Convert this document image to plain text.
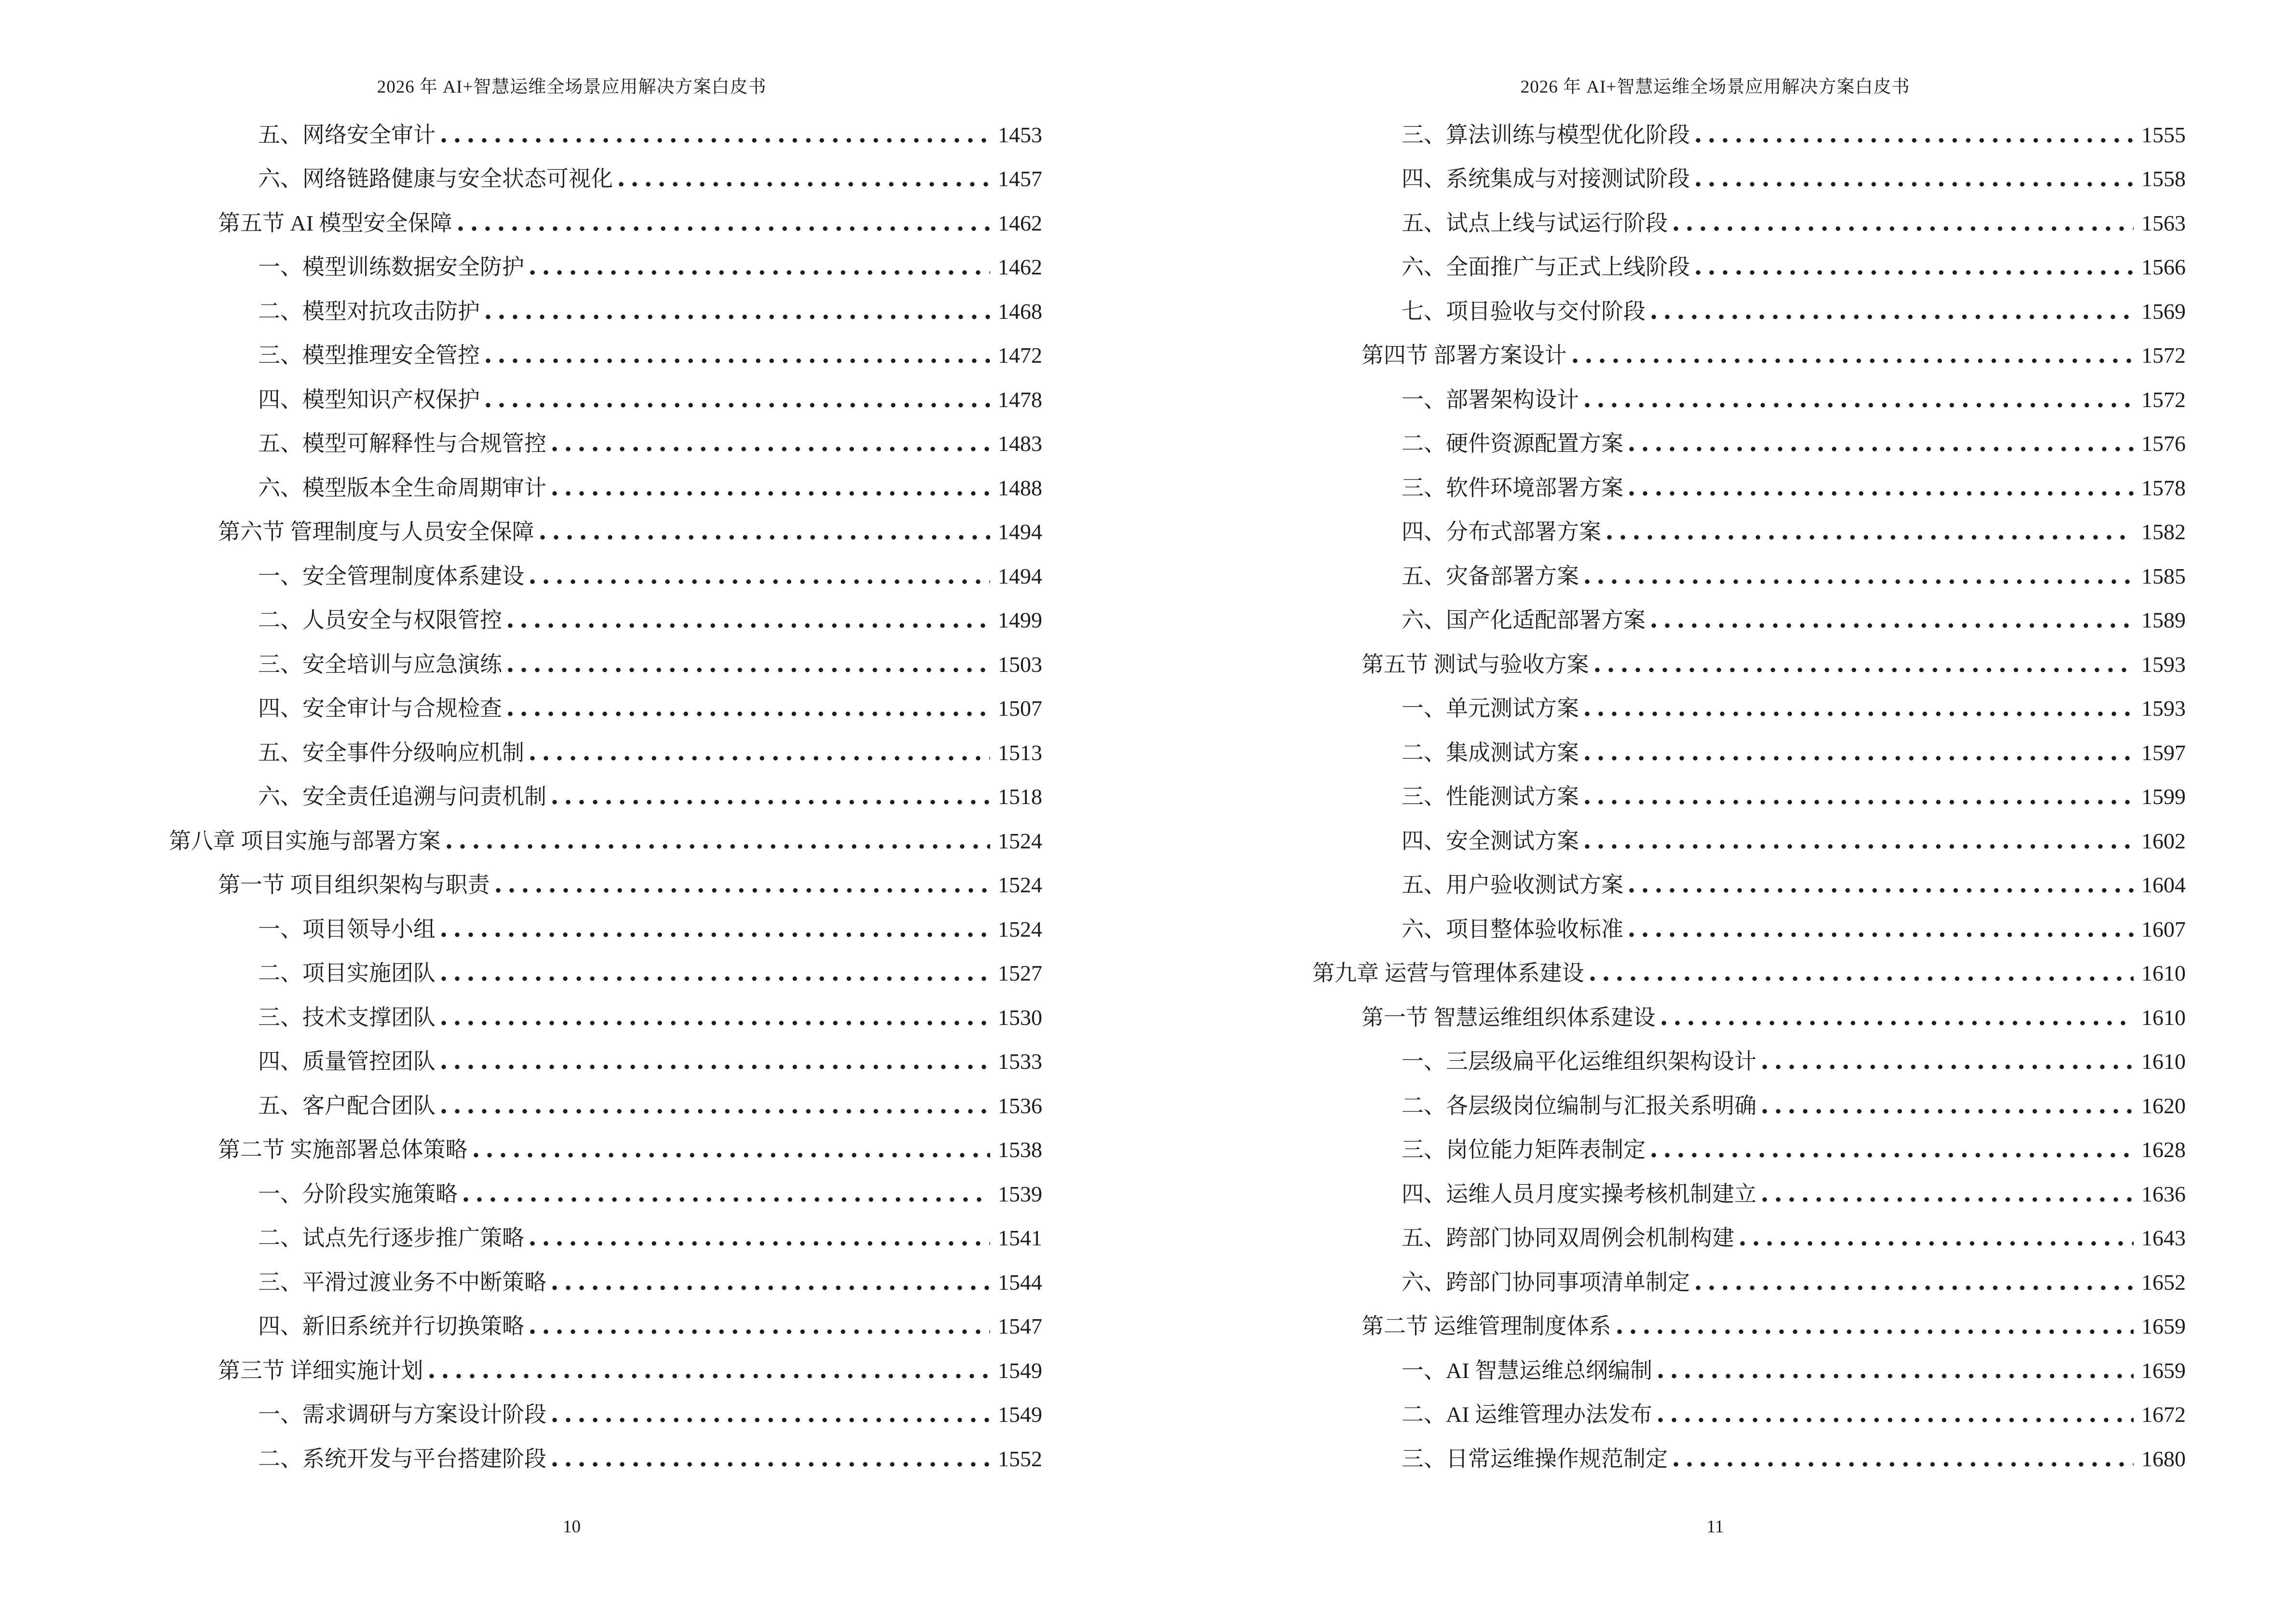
2026 年 AI+智慧运维全场景应用解决方案白皮书
五、网络安全审计	1453
六、网络链路健康与安全状态可视化	1457
第五节 AI 模型安全保障	1462
一、模型训练数据安全防护	1462
二、模型对抗攻击防护	1468
三、模型推理安全管控	1472
四、模型知识产权保护	1478
五、模型可解释性与合规管控	1483
六、模型版本全生命周期审计	1488
第六节 管理制度与人员安全保障	1494
一、安全管理制度体系建设	1494
二、人员安全与权限管控	1499
三、安全培训与应急演练	1503
四、安全审计与合规检查	1507
五、安全事件分级响应机制	1513
六、安全责任追溯与问责机制	1518
第八章 项目实施与部署方案	1524
第一节 项目组织架构与职责	1524
一、项目领导小组	1524
二、项目实施团队	1527
三、技术支撑团队	1530
四、质量管控团队	1533
五、客户配合团队	1536
第二节 实施部署总体策略	1538
一、分阶段实施策略	1539
二、试点先行逐步推广策略	1541
三、平滑过渡业务不中断策略	1544
四、新旧系统并行切换策略	1547
第三节 详细实施计划	1549
一、需求调研与方案设计阶段	1549
二、系统开发与平台搭建阶段	1552
10
2026 年 AI+智慧运维全场景应用解决方案白皮书
三、算法训练与模型优化阶段	1555
四、系统集成与对接测试阶段	1558
五、试点上线与试运行阶段	1563
六、全面推广与正式上线阶段	1566
七、项目验收与交付阶段	1569
第四节 部署方案设计	1572
一、部署架构设计	1572
二、硬件资源配置方案	1576
三、软件环境部署方案	1578
四、分布式部署方案	1582
五、灾备部署方案	1585
六、国产化适配部署方案	1589
第五节 测试与验收方案	1593
一、单元测试方案	1593
二、集成测试方案	1597
三、性能测试方案	1599
四、安全测试方案	1602
五、用户验收测试方案	1604
六、项目整体验收标准	1607
第九章 运营与管理体系建设	1610
第一节 智慧运维组织体系建设	1610
一、三层级扁平化运维组织架构设计	1610
二、各层级岗位编制与汇报关系明确	1620
三、岗位能力矩阵表制定	1628
四、运维人员月度实操考核机制建立	1636
五、跨部门协同双周例会机制构建	1643
六、跨部门协同事项清单制定	1652
第二节 运维管理制度体系	1659
一、AI 智慧运维总纲编制	1659
二、AI 运维管理办法发布	1672
三、日常运维操作规范制定	1680
11
